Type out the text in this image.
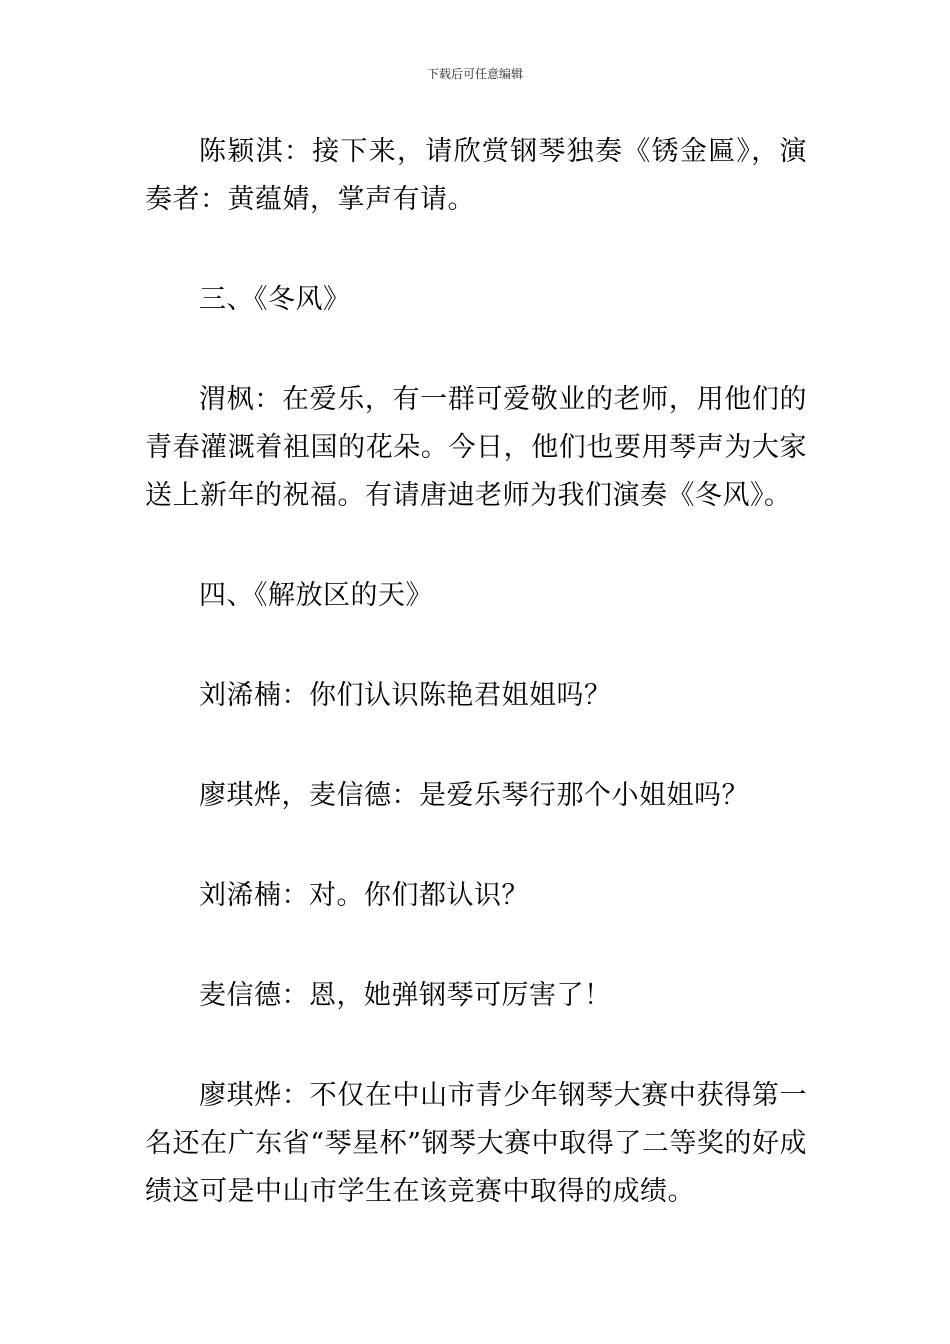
下载后可任意编辑

陈颖淇：接下来，请欣赏钢琴独奏《锈金匾》，演奏者：黄蕴婧，掌声有请。

三、《冬风》

渭枫：在爱乐，有一群可爱敬业的老师，用他们的青春灌溉着祖国的花朵。今日，他们也要用琴声为大家送上新年的祝福。有请唐迪老师为我们演奏《冬风》。

四、《解放区的天》

刘浠楠：你们认识陈艳君姐姐吗？

廖琪烨，麦信德：是爱乐琴行那个小姐姐吗？

刘浠楠：对。你们都认识？

麦信德：恩，她弹钢琴可厉害了！

廖琪烨：不仅在中山市青少年钢琴大赛中获得第一名还在广东省“琴星杯”钢琴大赛中取得了二等奖的好成绩这可是中山市学生在该竞赛中取得的成绩。
